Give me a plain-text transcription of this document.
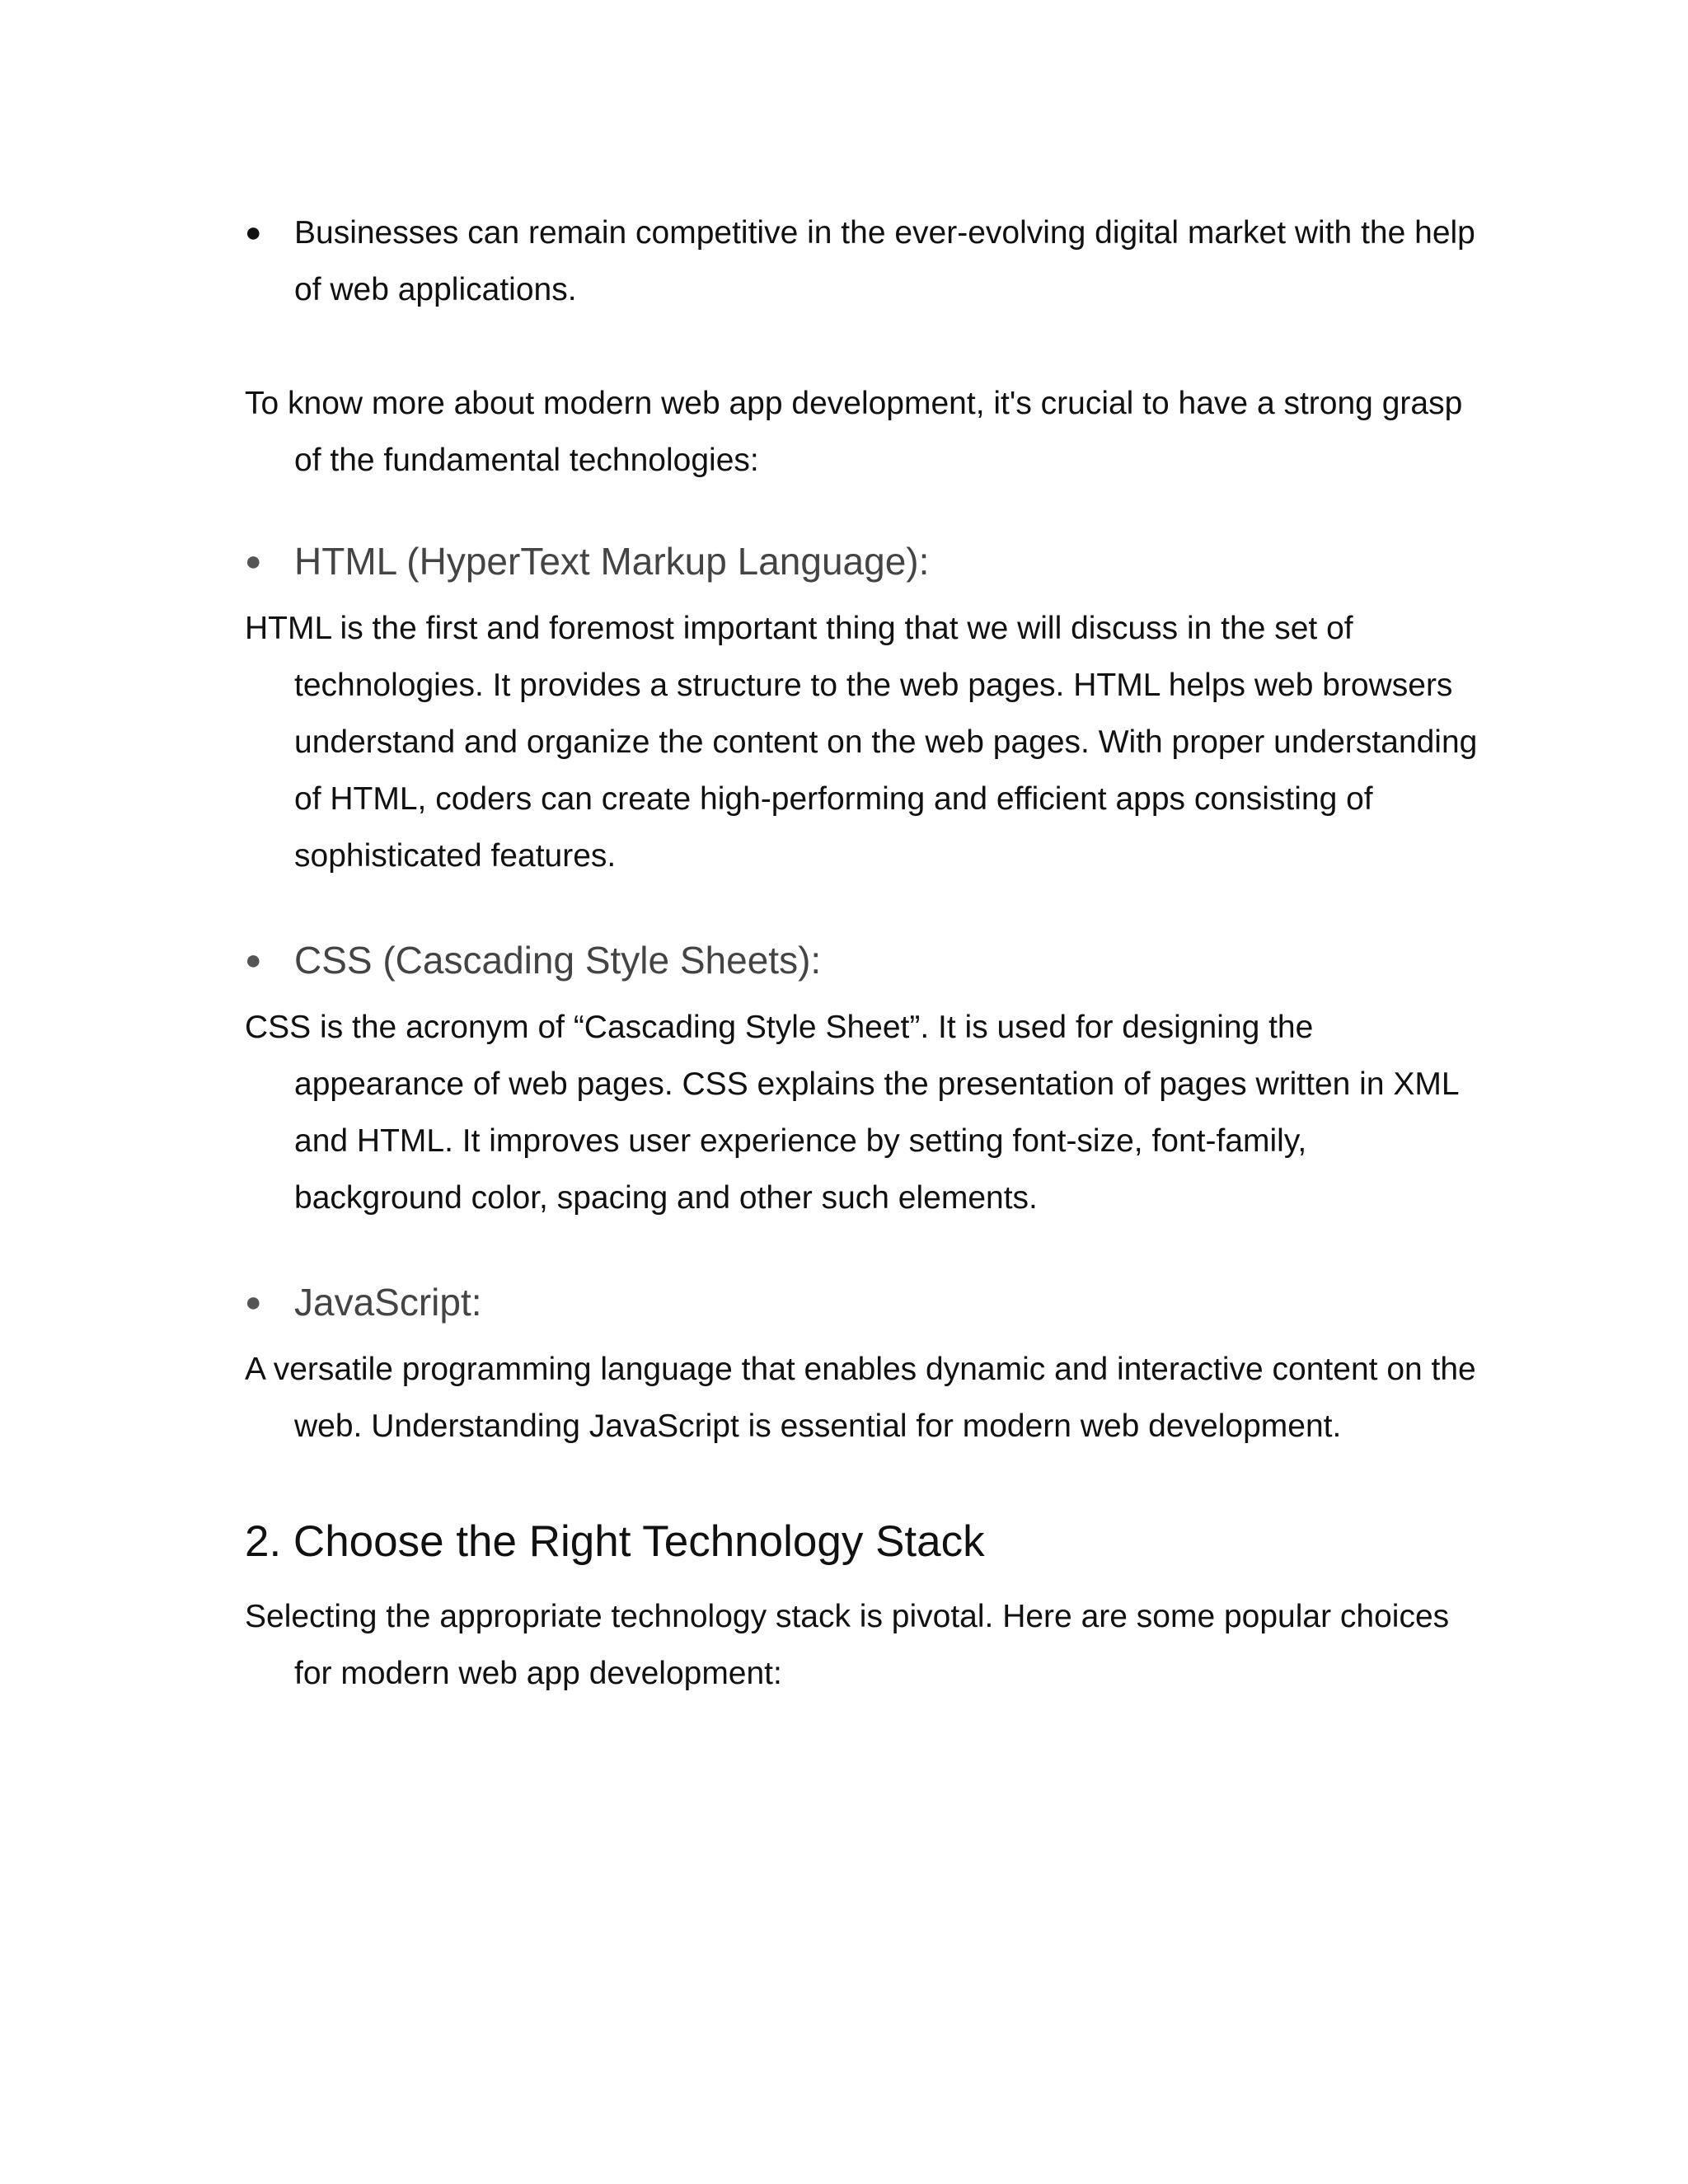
●	Businesses can remain competitive in the ever-evolving digital market with the help of web applications.

To know more about modern web app development, it's crucial to have a strong grasp of the fundamental technologies:

● HTML (HyperText Markup Language):

HTML is the first and foremost important thing that we will discuss in the set of technologies. It provides a structure to the web pages. HTML helps web browsers understand and organize the content on the web pages. With proper understanding of HTML, coders can create high-performing and efficient apps consisting of sophisticated features.

● CSS (Cascading Style Sheets):

CSS is the acronym of “Cascading Style Sheet”. It is used for designing the appearance of web pages. CSS explains the presentation of pages written in XML and HTML. It improves user experience by setting font-size, font-family, background color, spacing and other such elements.

● JavaScript:

A versatile programming language that enables dynamic and interactive content on the web. Understanding JavaScript is essential for modern web development.

2. Choose the Right Technology Stack

Selecting the appropriate technology stack is pivotal. Here are some popular choices for modern web app development:
